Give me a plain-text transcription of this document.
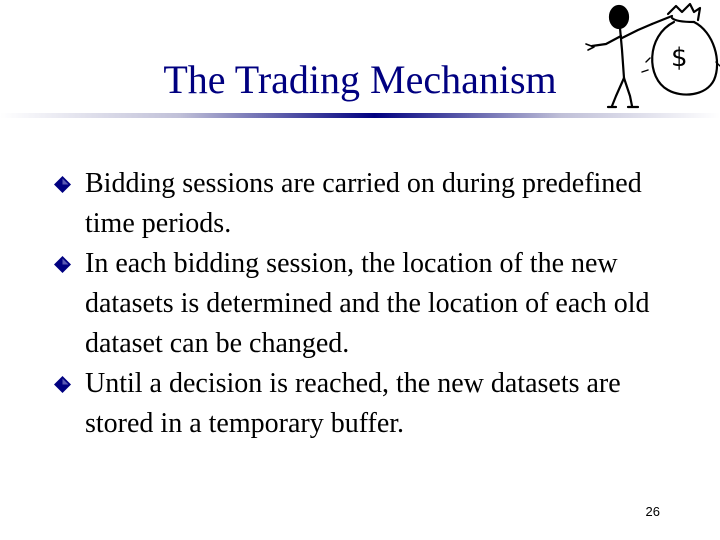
The Trading Mechanism	$
Bidding sessions are carried on during predefined time periods.
In each bidding session, the location of the new datasets is determined and the location of each old dataset can be changed.
Until a decision is reached, the new datasets are stored in a temporary buffer.
26
